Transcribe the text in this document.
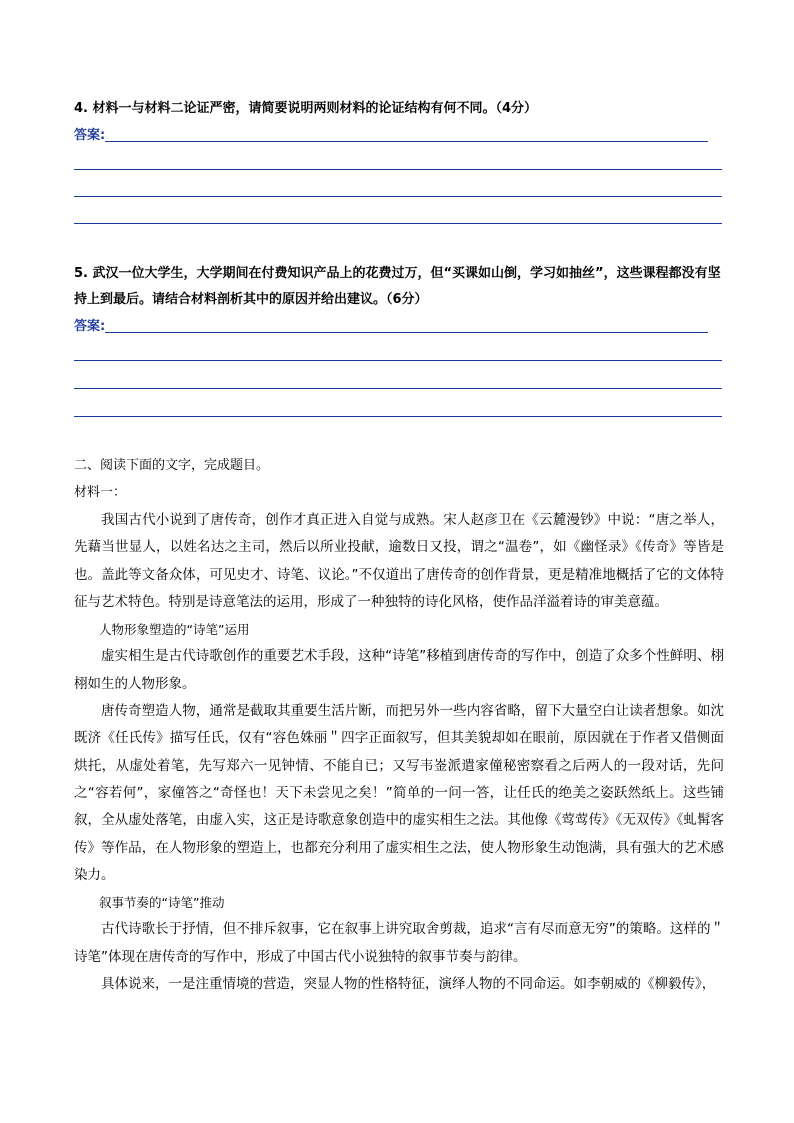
4. 材料一与材料二论证严密，请简要说明两则材料的论证结构有何不同。（4分）
答案:
5. 武汉一位大学生，大学期间在付费知识产品上的花费过万，但“买课如山倒，学习如抽丝”，这些课程都没有坚持上到最后。请结合材料剖析其中的原因并给出建议。（6分）
答案:
二、阅读下面的文字，完成题目。
材料一：

我国古代小说到了唐传奇，创作才真正进入自觉与成熟。宋人赵彦卫在《云麓漫钞》中说：“唐之举人，先藉当世显人，以姓名达之主司，然后以所业投献，逾数日又投，谓之“温卷”，如《幽怪录》《传奇》等皆是也。盖此等文备众体，可见史才、诗笔、议论。”不仅道出了唐传奇的创作背景，更是精准地概括了它的文体特征与艺术特色。特别是诗意笔法的运用，形成了一种独特的诗化风格，使作品洋溢着诗的审美意蕴。

人物形象塑造的“诗笔”运用

虚实相生是古代诗歌创作的重要艺术手段，这种“诗笔”移植到唐传奇的写作中，创造了众多个性鲜明、栩栩如生的人物形象。

唐传奇塑造人物，通常是截取其重要生活片断，而把另外一些内容省略，留下大量空白让读者想象。如沈既济《任氏传》描写任氏，仅有“容色姝丽＂四字正面叙写，但其美貌却如在眼前，原因就在于作者又借侧面烘托，从虚处着笔，先写郑六一见钟情、不能自已；又写韦崟派遣家僮秘密察看之后两人的一段对话，先问之“容若何”，家僮答之“奇怪也！天下未尝见之矣！”简单的一问一答，让任氏的绝美之姿跃然纸上。这些铺叙，全从虚处落笔，由虚入实，这正是诗歌意象创造中的虚实相生之法。其他像《莺莺传》《无双传》《虬髯客传》等作品，在人物形象的塑造上，也都充分利用了虚实相生之法，使人物形象生动饱满，具有强大的艺术感染力。

叙事节奏的“诗笔”推动

古代诗歌长于抒情，但不排斥叙事，它在叙事上讲究取舍剪裁，追求“言有尽而意无穷”的策略。这样的＂诗笔”体现在唐传奇的写作中，形成了中国古代小说独特的叙事节奏与韵律。

具体说来，一是注重情境的营造，突显人物的性格特征，演绎人物的不同命运。如李朝威的《柳毅传》，
